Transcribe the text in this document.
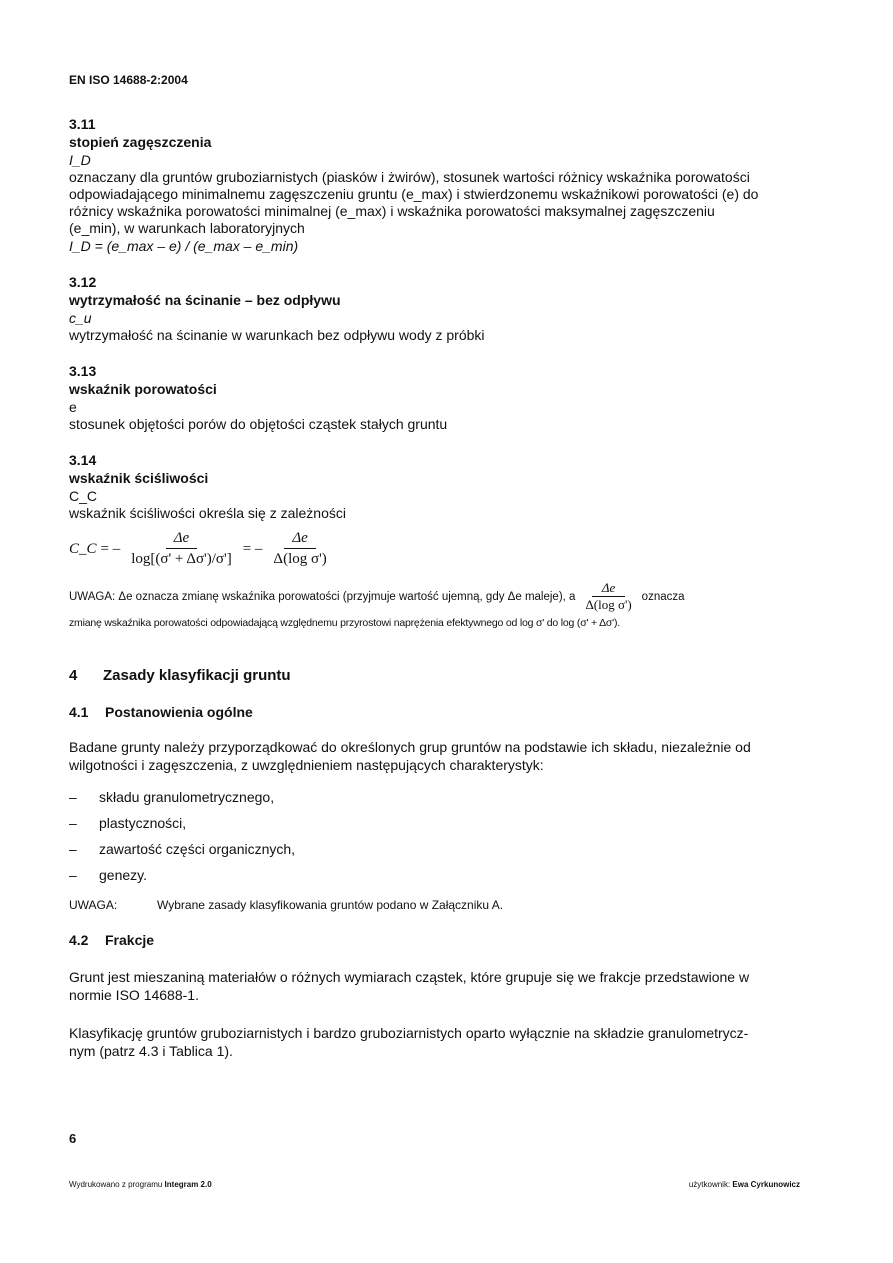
EN ISO 14688-2:2004
3.11
stopień zagęszczenia
I_D
oznaczany dla gruntów gruboziarnistych (piasków i żwirów), stosunek wartości różnicy wskaźnika porowatości odpowiadającego minimalnemu zagęszczeniu gruntu (e_max) i stwierdzonemu wskaźnikowi porowatości (e) do różnicy wskaźnika porowatości minimalnej (e_max) i wskaźnika porowatości maksymalnej zagęszczeniu (e_min), w warunkach laboratoryjnych
I_D = (e_max – e) / (e_max – e_min)
3.12
wytrzymałość na ścinanie – bez odpływu
c_u
wytrzymałość na ścinanie w warunkach bez odpływu wody z próbki
3.13
wskaźnik porowatości
e
stosunek objętości porów do objętości cząstek stałych gruntu
3.14
wskaźnik ściśliwości
C_C
wskaźnik ściśliwości określa się z zależności
C_C = – $\frac{\Delta e}{\log[(\sigma' + \Delta\sigma')/\sigma']}$ = – $\frac{\Delta e}{\text{Δ(log σ')}}$
UWAGA: Δe oznacza zmianę wskaźnika porowatości (przyjmuje wartość ujemną, gdy Δe maleje), a $\frac{\Delta e}{\text{Δ(log σ')}}$ oznacza
zmianę wskaźnika porowatości odpowiadającą względnemu przyrostowi naprężenia efektywnego od log σ' do log (σ' + Δσ').
4 Zasady klasyfikacji gruntu
4.1 Postanowienia ogólne
Badane grunty należy przyporządkować do określonych grup gruntów na podstawie ich składu, niezależnie od wilgotności i zagęszczenia, z uwzględnieniem następujących charakterystyk:
–	składu granulometrycznego,
–	plastyczności,
–	zawartość części organicznych,
–	genezy.
UWAGA:	Wybrane zasady klasyfikowania gruntów podano w Załączniku A.
4.2 Frakcje
Grunt jest mieszaniną materiałów o różnych wymiarach cząstek, które grupuje się we frakcje przedstawione w normie ISO 14688-1.
Klasyfikację gruntów gruboziarnistych i bardzo gruboziarnistych oparto wyłącznie na składzie granulometrycz-nym (patrz 4.3 i Tablica 1).
6
Wydrukowano z programu Integram 2.0	użytkownik: Ewa Cyrkunowicz
